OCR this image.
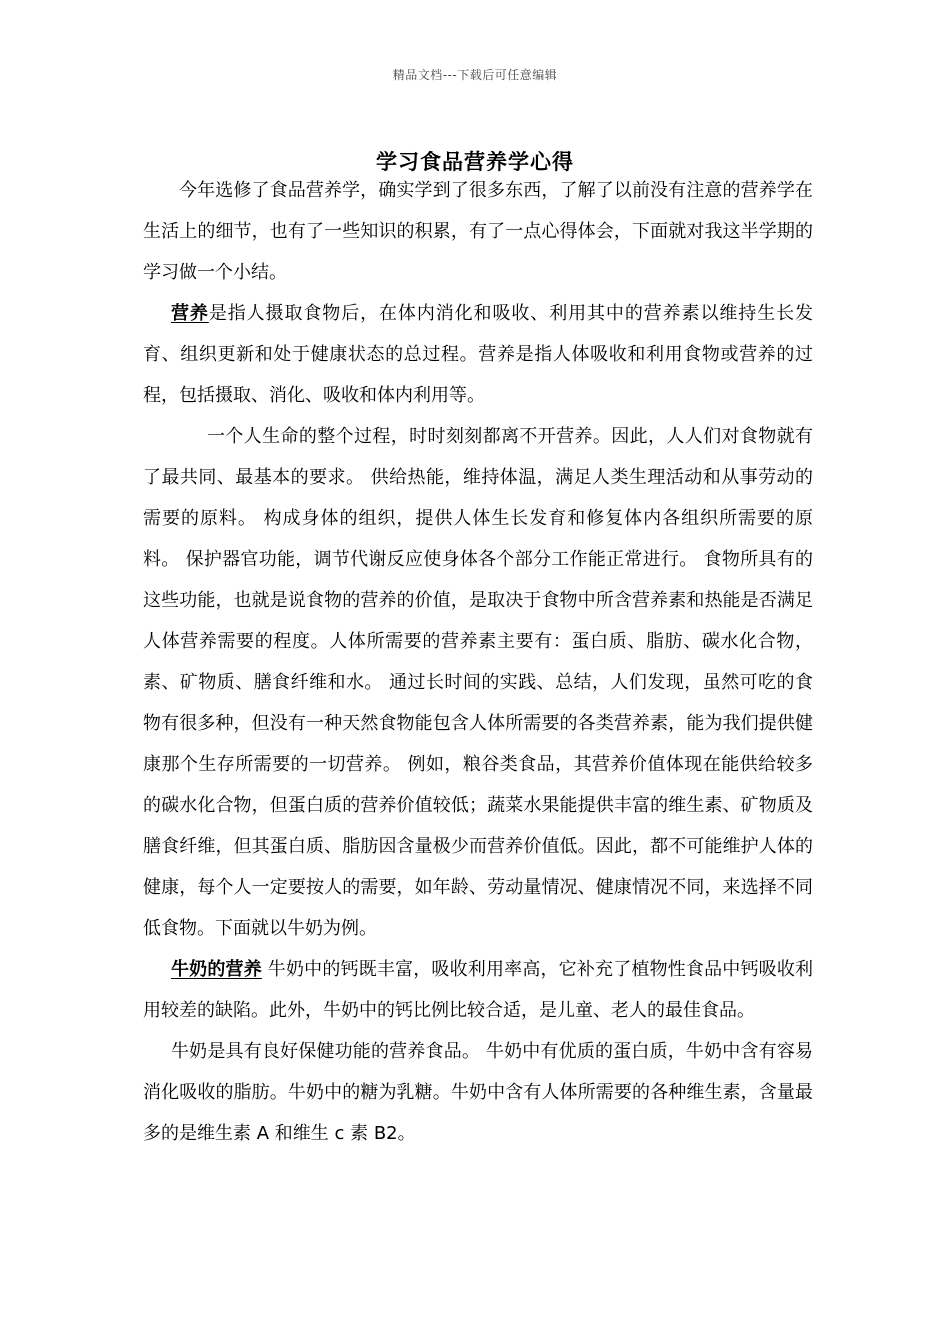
精品文档---下载后可任意编辑
学习食品营养学心得

今年选修了食品营养学，确实学到了很多东西，了解了以前没有注意的营养学在生活上的细节，也有了一些知识的积累，有了一点心得体会，下面就对我这半学期的学习做一个小结。

营养是指人摄取食物后，在体内消化和吸收、利用其中的营养素以维持生长发育、组织更新和处于健康状态的总过程。营养是指人体吸收和利用食物或营养的过程，包括摄取、消化、吸收和体内利用等。

一个人生命的整个过程，时时刻刻都离不开营养。因此，人人们对食物就有了最共同、最基本的要求。 供给热能，维持体温，满足人类生理活动和从事劳动的需要的原料。 构成身体的组织，提供人体生长发育和修复体内各组织所需要的原料。 保护器官功能，调节代谢反应使身体各个部分工作能正常进行。 食物所具有的这些功能，也就是说食物的营养的价值，是取决于食物中所含营养素和热能是否满足人体营养需要的程度。人体所需要的营养素主要有：蛋白质、脂肪、碳水化合物，素、矿物质、膳食纤维和水。 通过长时间的实践、总结，人们发现，虽然可吃的食物有很多种，但没有一种天然食物能包含人体所需要的各类营养素，能为我们提供健康那个生存所需要的一切营养。 例如，粮谷类食品，其营养价值体现在能供给较多的碳水化合物，但蛋白质的营养价值较低；蔬菜水果能提供丰富的维生素、矿物质及膳食纤维，但其蛋白质、脂肪因含量极少而营养价值低。因此，都不可能维护人体的健康，每个人一定要按人的需要，如年龄、劳动量情况、健康情况不同，来选择不同低食物。下面就以牛奶为例。

牛奶的营养 牛奶中的钙既丰富，吸收利用率高，它补充了植物性食品中钙吸收利用较差的缺陷。此外，牛奶中的钙比例比较合适，是儿童、老人的最佳食品。

牛奶是具有良好保健功能的营养食品。 牛奶中有优质的蛋白质，牛奶中含有容易消化吸收的脂肪。牛奶中的糖为乳糖。牛奶中含有人体所需要的各种维生素，含量最多的是维生素 A 和维生 c 素 B2。
